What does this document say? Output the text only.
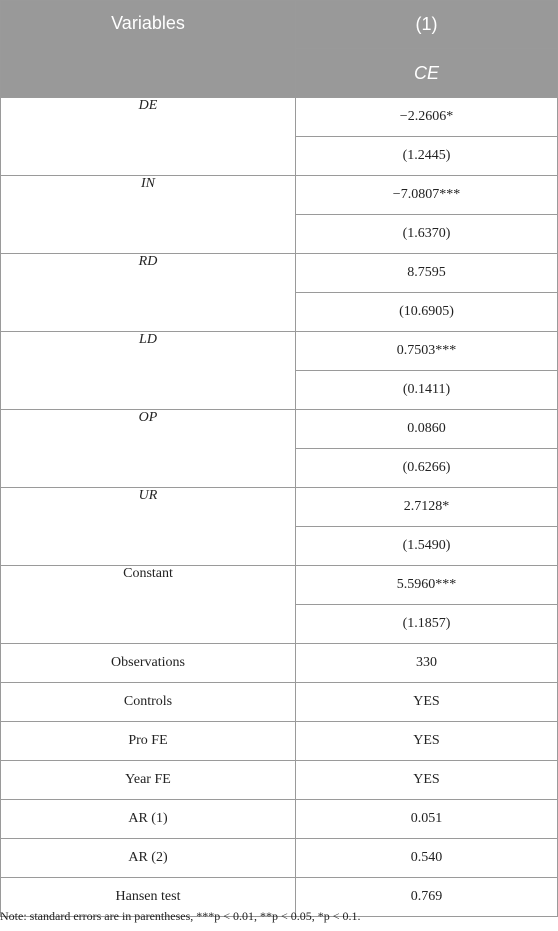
Variables	(1)
	CE
DE	−2.2606*
	(1.2445)
IN	−7.0807***
	(1.6370)
RD	8.7595
	(10.6905)
LD	0.7503***
	(0.1411)
OP	0.0860
	(0.6266)
UR	2.7128*
	(1.5490)
Constant	5.5960***
	(1.1857)
Observations	330
Controls	YES
Pro FE	YES
Year FE	YES
AR (1)	0.051
AR (2)	0.540
Hansen test	0.769
Note: standard errors are in parentheses, ***p < 0.01, **p < 0.05, *p < 0.1.
